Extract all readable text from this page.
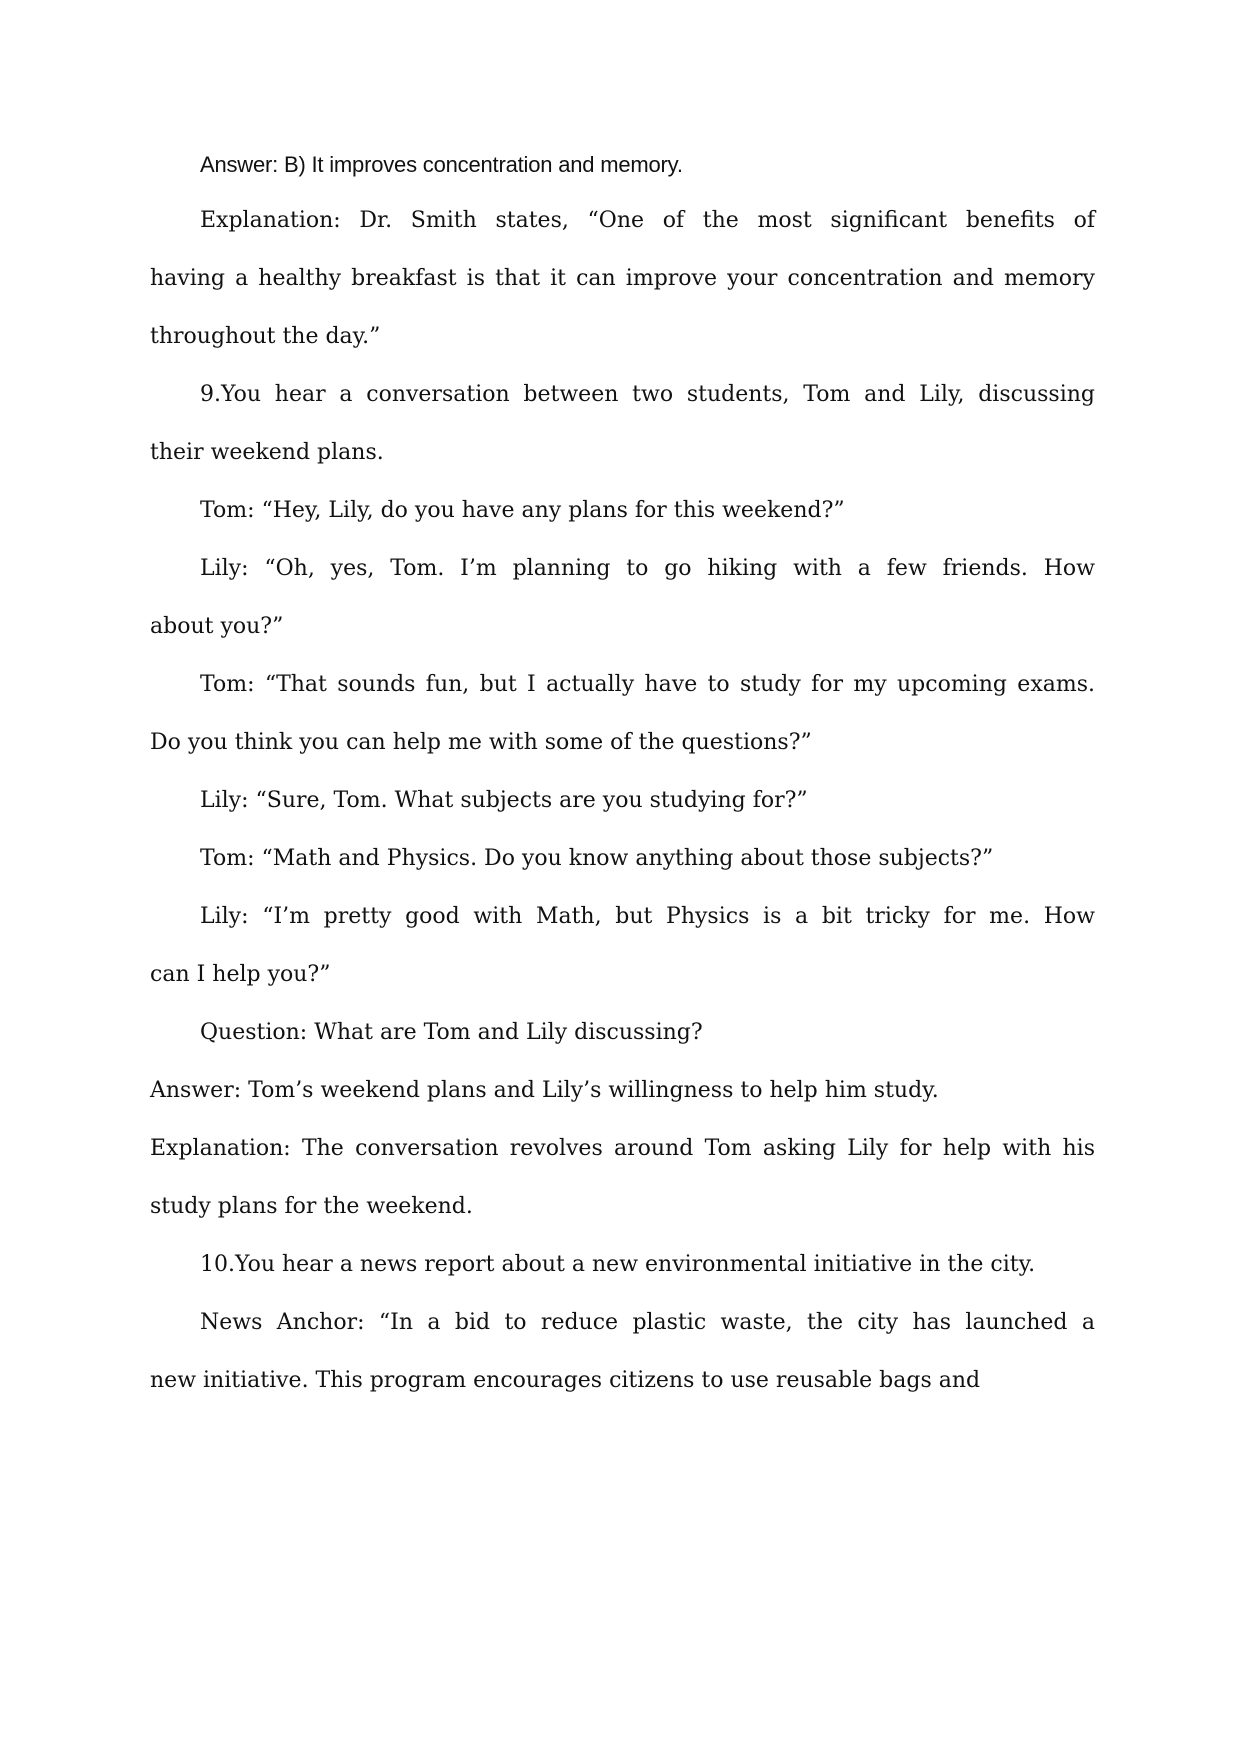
Answer: B) It improves concentration and memory.
Explanation: Dr. Smith states, “One of the most significant benefits of
having a healthy breakfast is that it can improve your concentration and memory
throughout the day.”
9.You hear a conversation between two students, Tom and Lily, discussing
their weekend plans.
Tom: “Hey, Lily, do you have any plans for this weekend?”
Lily: “Oh, yes, Tom. I’m planning to go hiking with a few friends. How
about you?”
Tom: “That sounds fun, but I actually have to study for my upcoming exams.
Do you think you can help me with some of the questions?”
Lily: “Sure, Tom. What subjects are you studying for?”
Tom: “Math and Physics. Do you know anything about those subjects?”
Lily: “I’m pretty good with Math, but Physics is a bit tricky for me. How
can I help you?”
Question: What are Tom and Lily discussing?
Answer: Tom’s weekend plans and Lily’s willingness to help him study.
Explanation: The conversation revolves around Tom asking Lily for help with his
study plans for the weekend.
10.You hear a news report about a new environmental initiative in the city.
News Anchor: “In a bid to reduce plastic waste, the city has launched a
new initiative. This program encourages citizens to use reusable bags and
